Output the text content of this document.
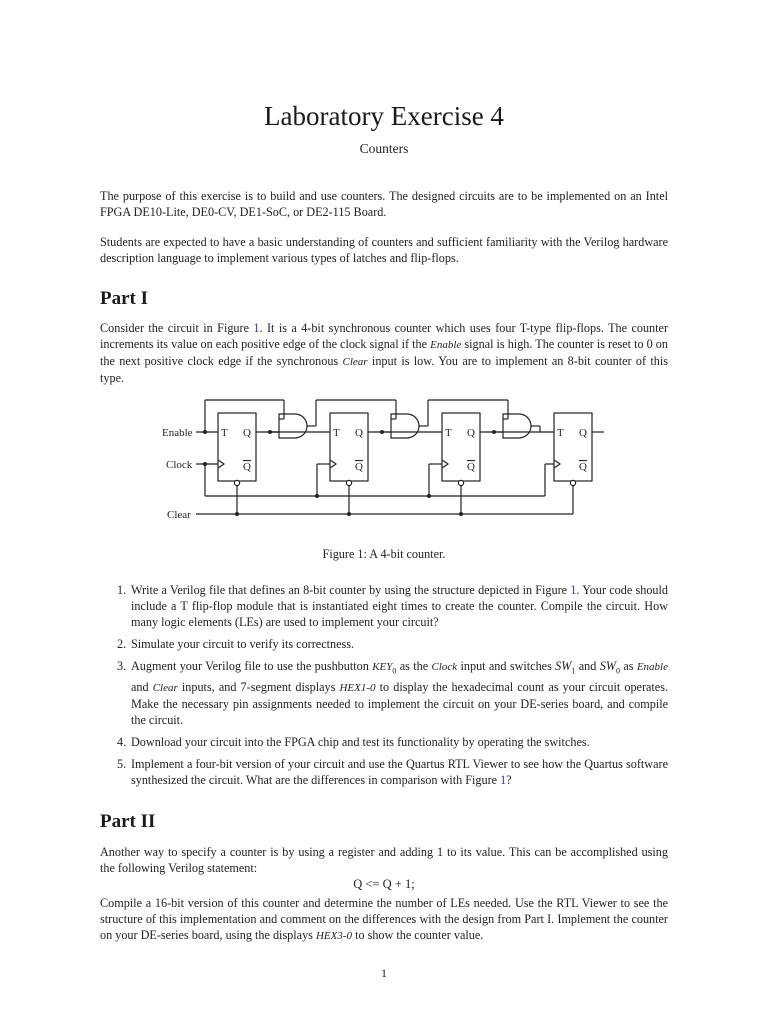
Laboratory Exercise 4
Counters
The purpose of this exercise is to build and use counters. The designed circuits are to be implemented on an Intel FPGA DE10-Lite, DE0-CV, DE1-SoC, or DE2-115 Board.
Students are expected to have a basic understanding of counters and sufficient familiarity with the Verilog hardware description language to implement various types of latches and flip-flops.
Part I
Consider the circuit in Figure 1. It is a 4-bit synchronous counter which uses four T-type flip-flops. The counter increments its value on each positive edge of the clock signal if the Enable signal is high. The counter is reset to 0 on the next positive clock edge if the synchronous Clear input is low. You are to implement an 8-bit counter of this type.
Enable
Clock
Clear
T Q
Q
T Q
Q
T Q
Q
T Q
Q
Figure 1: A 4-bit counter.
1. Write a Verilog file that defines an 8-bit counter by using the structure depicted in Figure 1. Your code should include a T flip-flop module that is instantiated eight times to create the counter. Compile the circuit. How many logic elements (LEs) are used to implement your circuit?
2. Simulate your circuit to verify its correctness.
3. Augment your Verilog file to use the pushbutton $KEY_0$ as the Clock input and switches $SW_1$ and $SW_0$ as Enable and Clear inputs, and 7-segment displays HEX1-0 to display the hexadecimal count as your circuit operates. Make the necessary pin assignments needed to implement the circuit on your DE-series board, and compile the circuit.
4. Download your circuit into the FPGA chip and test its functionality by operating the switches.
5. Implement a four-bit version of your circuit and use the Quartus RTL Viewer to see how the Quartus software synthesized the circuit. What are the differences in comparison with Figure 1?
Part II
Another way to specify a counter is by using a register and adding 1 to its value. This can be accomplished using the following Verilog statement:
Q <= Q + 1;
Compile a 16-bit version of this counter and determine the number of LEs needed. Use the RTL Viewer to see the structure of this implementation and comment on the differences with the design from Part I. Implement the counter on your DE-series board, using the displays HEX3-0 to show the counter value.
1
